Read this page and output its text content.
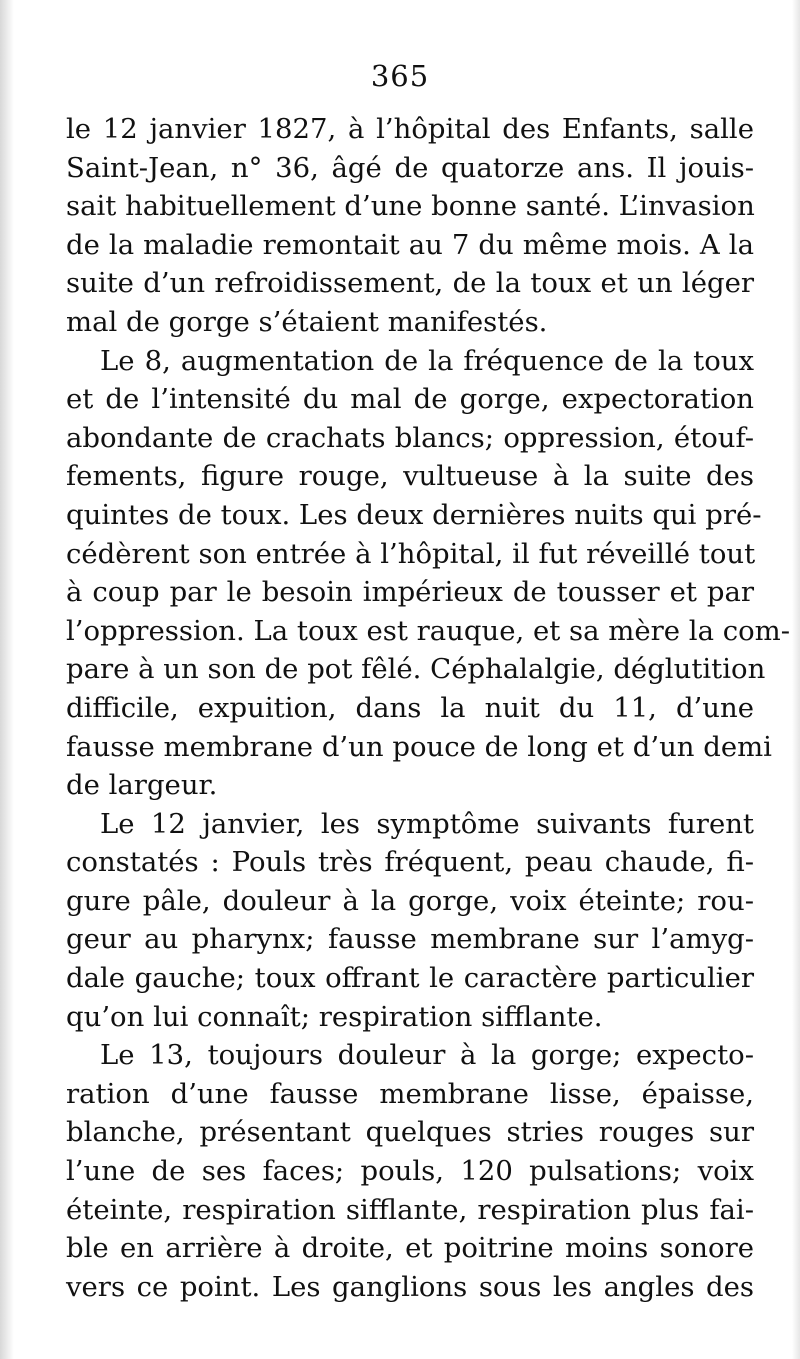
365
le 12 janvier 1827, à l’hôpital des Enfants, salle
Saint-Jean, n° 36, âgé de quatorze ans. Il jouis-
sait habituellement d’une bonne santé. L’invasion
de la maladie remontait au 7 du même mois. A la
suite d’un refroidissement, de la toux et un léger
mal de gorge s’étaient manifestés.
Le 8, augmentation de la fréquence de la toux
et de l’intensité du mal de gorge, expectoration
abondante de crachats blancs; oppression, étouf-
fements, figure rouge, vultueuse à la suite des
quintes de toux. Les deux dernières nuits qui pré-
cédèrent son entrée à l’hôpital, il fut réveillé tout
à coup par le besoin impérieux de tousser et par
l’oppression. La toux est rauque, et sa mère la com-
pare à un son de pot fêlé. Céphalalgie, déglutition
difficile, expuition, dans la nuit du 11, d’une
fausse membrane d’un pouce de long et d’un demi
de largeur.
Le 12 janvier, les symptôme suivants furent
constatés : Pouls très fréquent, peau chaude, fi-
gure pâle, douleur à la gorge, voix éteinte; rou-
geur au pharynx; fausse membrane sur l’amyg-
dale gauche; toux offrant le caractère particulier
qu’on lui connaît; respiration sifflante.
Le 13, toujours douleur à la gorge; expecto-
ration d’une fausse membrane lisse, épaisse,
blanche, présentant quelques stries rouges sur
l’une de ses faces; pouls, 120 pulsations; voix
éteinte, respiration sifflante, respiration plus fai-
ble en arrière à droite, et poitrine moins sonore
vers ce point. Les ganglions sous les angles des
